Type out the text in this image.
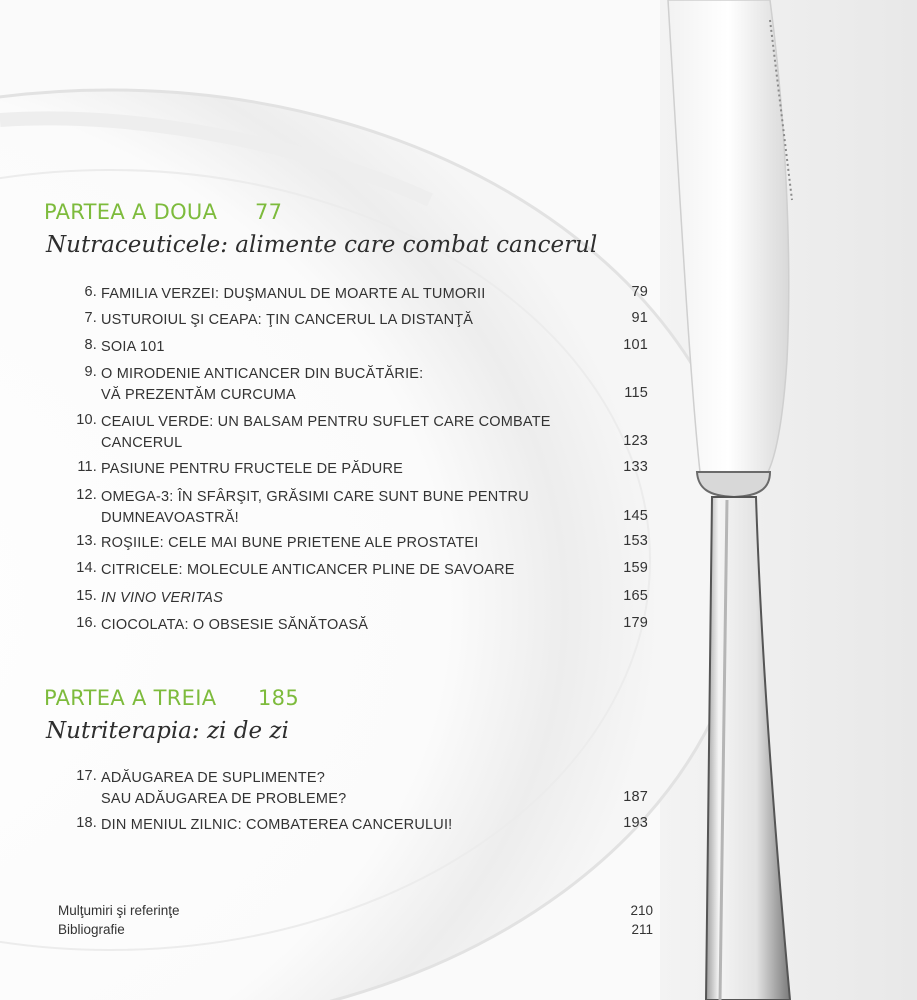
PARTEA A DOUA 77
Nutraceuticele: alimente care combat cancerul
6. FAMILIA VERZEI: DUŞMANUL DE MOARTE AL TUMORII	79
7. USTUROIUL ŞI CEAPA: ŢIN CANCERUL LA DISTANŢĂ	91
8. SOIA 101	101
9. O MIRODENIE ANTICANCER DIN BUCĂTĂRIE:
VĂ PREZENTĂM CURCUMA	115
10. CEAIUL VERDE: UN BALSAM PENTRU SUFLET CARE COMBATE
CANCERUL	123
11. PASIUNE PENTRU FRUCTELE DE PĂDURE	133
12. OMEGA-3: ÎN SFÂRŞIT, GRĂSIMI CARE SUNT BUNE PENTRU
DUMNEAVOASTRĂ!	145
13. ROŞIILE: CELE MAI BUNE PRIETENE ALE PROSTATEI	153
14. CITRICELE: MOLECULE ANTICANCER PLINE DE SAVOARE	159
15. IN VINO VERITAS	165
16. CIOCOLATA: O OBSESIE SĂNĂTOASĂ	179
PARTEA A TREIA 185
Nutriterapia: zi de zi
17. ADĂUGAREA DE SUPLIMENTE?
SAU ADĂUGAREA DE PROBLEME?	187
18. DIN MENIUL ZILNIC: COMBATEREA CANCERULUI!	193
Mulţumiri şi referinţe	210
Bibliografie	211
